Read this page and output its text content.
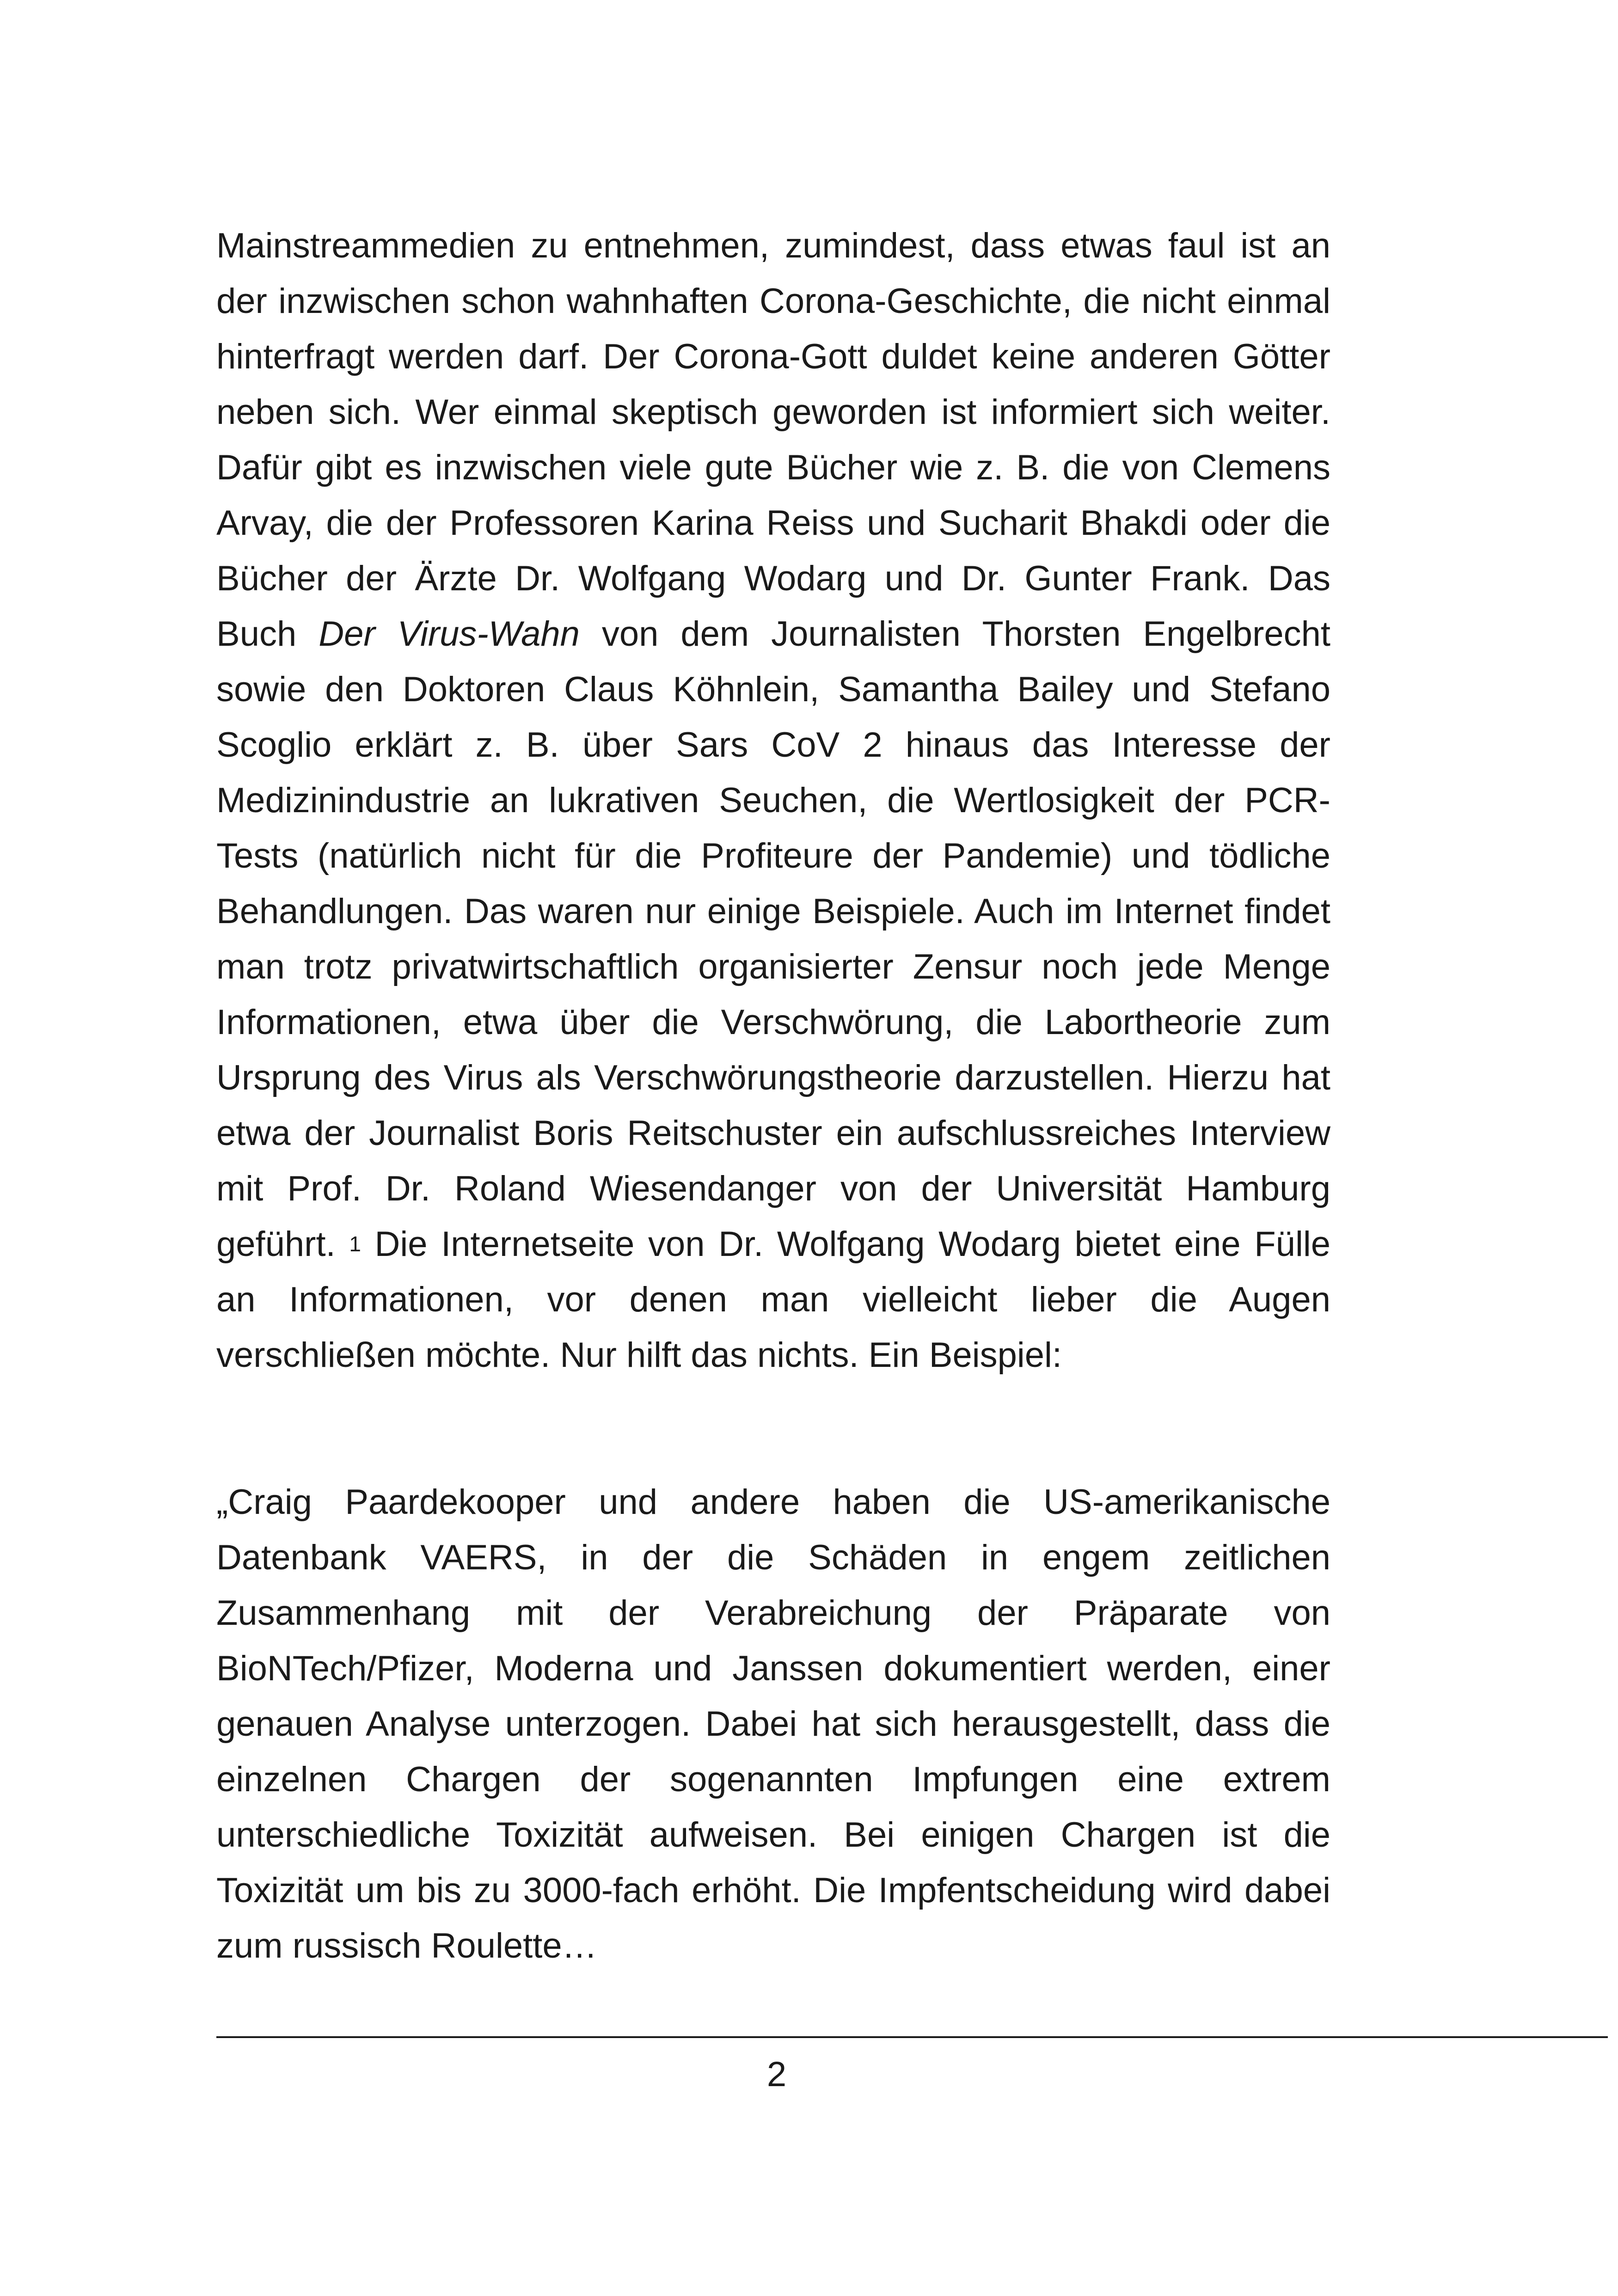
Mainstreammedien zu entnehmen, zumindest, dass etwas faul ist an der inzwischen schon wahnhaften Corona-Geschichte, die nicht einmal hinterfragt werden darf. Der Corona-Gott duldet keine anderen Götter neben sich. Wer einmal skeptisch geworden ist informiert sich weiter. Dafür gibt es inzwischen viele gute Bücher wie z. B. die von Clemens Arvay, die der Professoren Karina Reiss und Sucharit Bhakdi oder die Bücher der Ärzte Dr. Wolfgang Wodarg und Dr. Gunter Frank. Das Buch Der Virus-Wahn von dem Journalisten Thorsten Engelbrecht sowie den Doktoren Claus Köhnlein, Samantha Bailey und Stefano Scoglio erklärt z. B. über Sars CoV 2 hinaus das Interesse der Medizinindustrie an lukrativen Seuchen, die Wertlosigkeit der PCR-Tests (natürlich nicht für die Profiteure der Pandemie) und tödliche Behandlungen. Das waren nur einige Beispiele. Auch im Internet findet man trotz privatwirtschaftlich organisierter Zensur noch jede Menge Informationen, etwa über die Verschwörung, die Labortheorie zum Ursprung des Virus als Verschwörungstheorie darzustellen. Hierzu hat etwa der Journalist Boris Reitschuster ein aufschlussreiches Interview mit Prof. Dr. Roland Wiesendanger von der Universität Hamburg geführt. $^1$ Die Internetseite von Dr. Wolfgang Wodarg bietet eine Fülle an Informationen, vor denen man vielleicht lieber die Augen verschließen möchte. Nur hilft das nichts. Ein Beispiel:

„Craig Paardekooper und andere haben die US-amerikanische Datenbank VAERS, in der die Schäden in engem zeitlichen Zusammenhang mit der Verabreichung der Präparate von BioNTech/Pfizer, Moderna und Janssen dokumentiert werden, einer genauen Analyse unterzogen. Dabei hat sich herausgestellt, dass die einzelnen Chargen der sogenannten Impfungen eine extrem unterschiedliche Toxizität aufweisen. Bei einigen Chargen ist die Toxizität um bis zu 3000-fach erhöht. Die Impfentscheidung wird dabei zum russisch Roulette…

2
